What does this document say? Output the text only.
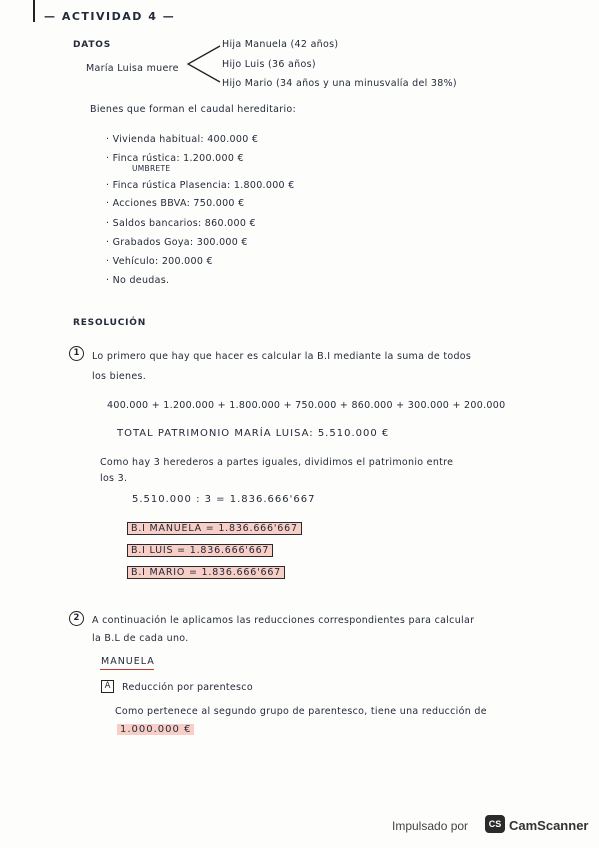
— ACTIVIDAD 4 —
DATOS
María Luisa muere
Hija Manuela (42 años)
Hijo Luis (36 años)
Hijo Mario (34 años y una minusvalía del 38%)
Bienes que forman el caudal hereditario:
· Vivienda habitual: 400.000 €
· Finca rústica: 1.200.000 €
UMBRETE
· Finca rústica Plasencia: 1.800.000 €
· Acciones BBVA: 750.000 €
· Saldos bancarios: 860.000 €
· Grabados Goya: 300.000 €
· Vehículo: 200.000 €
· No deudas.
RESOLUCIÓN
1	Lo primero que hay que hacer es calcular la B.I mediante la suma de todos
los bienes.
400.000 + 1.200.000 + 1.800.000 + 750.000 + 860.000 + 300.000 + 200.000
TOTAL PATRIMONIO MARÍA LUISA: 5.510.000 €
Como hay 3 herederos a partes iguales, dividimos el patrimonio entre
los 3.
5.510.000 : 3 = 1.836.666'667
B.I MANUELA = 1.836.666'667
B.I LUIS = 1.836.666'667
B.I MARIO = 1.836.666'667
2	A continuación le aplicamos las reducciones correspondientes para calcular
la B.L de cada uno.
MANUELA
A	Reducción por parentesco
Como pertenece al segundo grupo de parentesco, tiene una reducción de
1.000.000 €
Impulsado por	CS CamScanner
